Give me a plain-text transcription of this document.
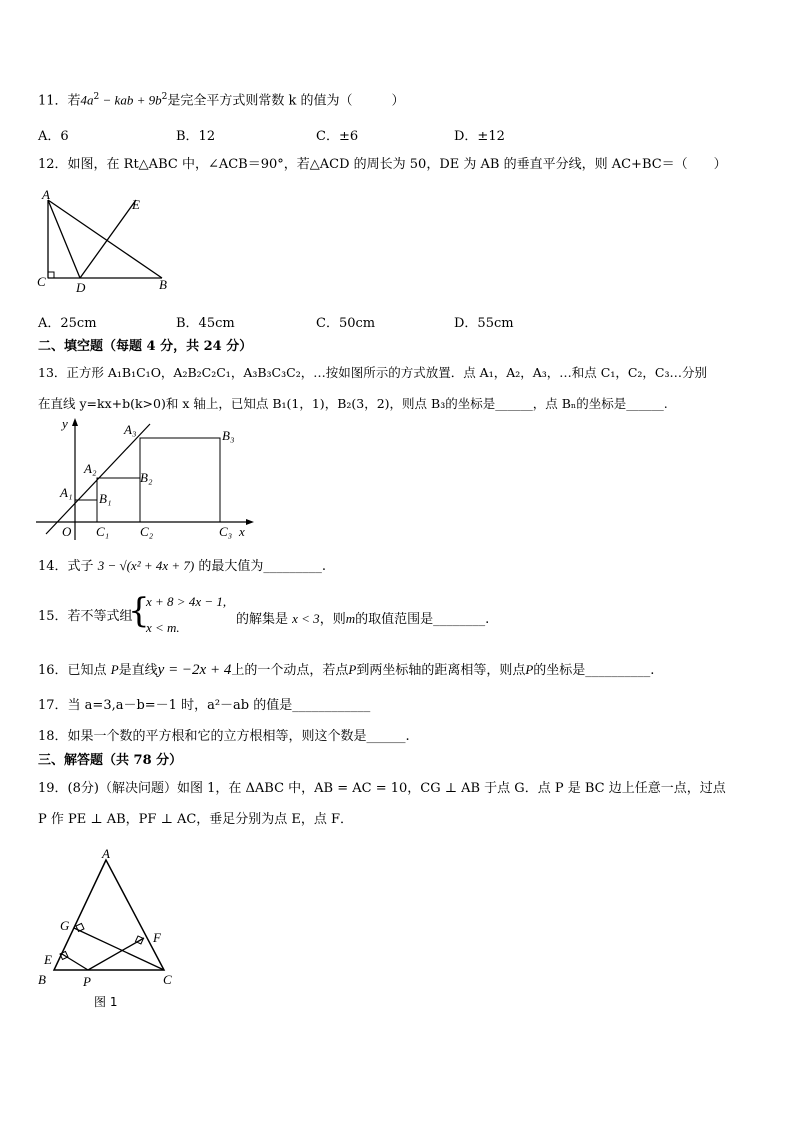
11．若$4a^2$ − kab + $9b^2$是完全平方式则常数 k 的值为（　　　）
A．6	B．12	C．±6	D．±12
12．如图，在 Rt△ABC 中，∠ACB＝90°，若△ACD 的周长为 50，DE 为 AB 的垂直平分线，则 AC+BC＝（　　）
A
E
C D	B
A．25cm	B．45cm	C．50cm	D．55cm
二、填空题（每题 4 分，共 24 分）
13．正方形 A₁B₁C₁O，A₂B₂C₂C₁，A₃B₃C₃C₂，…按如图所示的方式放置．点 A₁，A₂，A₃，…和点 C₁，C₂，C₃…分别
在直线 y=kx+b(k>0)和 x 轴上，已知点 B₁(1，1)，B₂(3，2)，则点 B₃的坐标是______，点 Bₙ的坐标是______.
y	A₃	B₃
A₂
B₂
A₁ B₁
O C₁ C₂	C₃ x
14．式子 3 − √(x² + 4x + 7) 的最大值为_________.
15．若不等式组
{
x + 8 > 4x − 1,
x < m.
的解集是 x < 3，则m的取值范围是________.
16．已知点 P是直线y = −2x + 4上的一个动点，若点P到两坐标轴的距离相等，则点P的坐标是__________.
17．当 a=3,a－b=－1 时，a²－ab 的值是____________
18．如果一个数的平方根和它的立方根相等，则这个数是______.
三、解答题（共 78 分）
19．(8分)（解决问题）如图 1，在 ΔABC 中，AB = AC = 10，CG ⊥ AB 于点 G．点 P 是 BC 边上任意一点，过点
P 作 PE ⊥ AB，PF ⊥ AC，垂足分别为点 E，点 F．
A
G
F
E
B	P	C
图 1
